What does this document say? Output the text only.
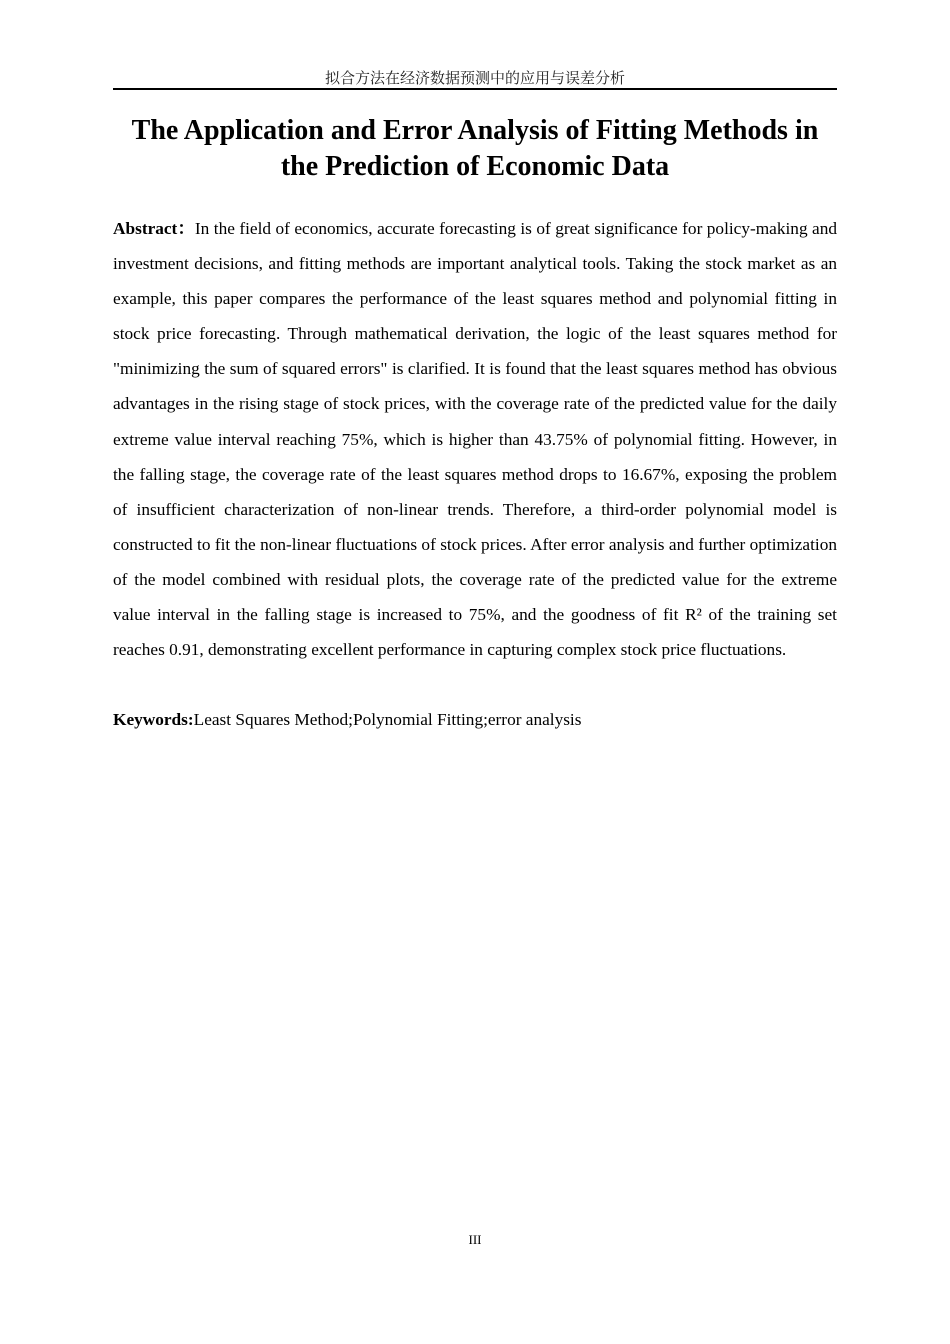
拟合方法在经济数据预测中的应用与误差分析
The Application and Error Analysis of Fitting Methods in the Prediction of Economic Data

Abstract：In the field of economics, accurate forecasting is of great significance for policy-making and investment decisions, and fitting methods are important analytical tools. Taking the stock market as an example, this paper compares the performance of the least squares method and polynomial fitting in stock price forecasting. Through mathematical derivation, the logic of the least squares method for "minimizing the sum of squared errors" is clarified. It is found that the least squares method has obvious advantages in the rising stage of stock prices, with the coverage rate of the predicted value for the daily extreme value interval reaching 75%, which is higher than 43.75% of polynomial fitting. However, in the falling stage, the coverage rate of the least squares method drops to 16.67%, exposing the problem of insufficient characterization of non-linear trends. Therefore, a third-order polynomial model is constructed to fit the non-linear fluctuations of stock prices. After error analysis and further optimization of the model combined with residual plots, the coverage rate of the predicted value for the extreme value interval in the falling stage is increased to 75%, and the goodness of fit R² of the training set reaches 0.91, demonstrating excellent performance in capturing complex stock price fluctuations.

Keywords:Least Squares Method;Polynomial Fitting;error analysis

III
